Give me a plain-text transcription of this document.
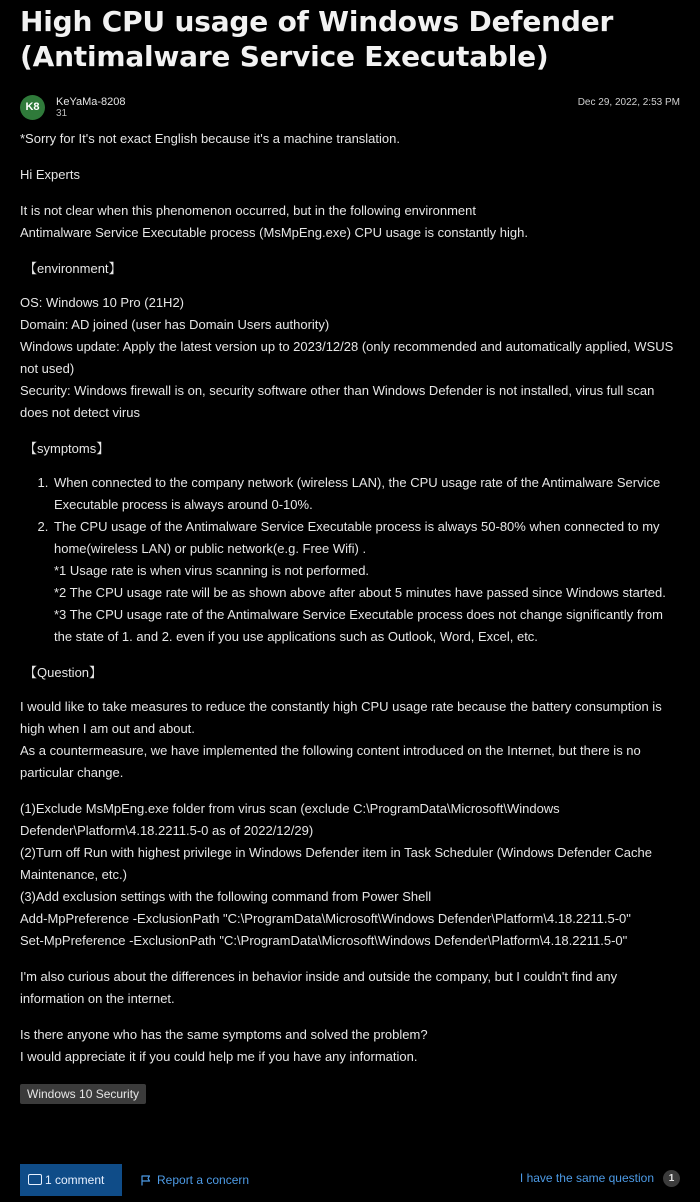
High CPU usage of Windows Defender
(Antimalware Service Executable)
K8	KeYaMa-8208
31
Dec 29, 2022, 2:53 PM

*Sorry for It's not exact English because it's a machine translation.

Hi Experts

It is not clear when this phenomenon occurred, but in the following environment
Antimalware Service Executable process (MsMpEng.exe) CPU usage is constantly high.

【environment】

OS: Windows 10 Pro (21H2)
Domain: AD joined (user has Domain Users authority)
Windows update: Apply the latest version up to 2023/12/28 (only recommended and automatically applied, WSUS not used)
Security: Windows firewall is on, security software other than Windows Defender is not installed, virus full scan does not detect virus

【symptoms】
1. When connected to the company network (wireless LAN), the CPU usage rate of the Antimalware Service Executable process is always around 0-10%.
2. The CPU usage of the Antimalware Service Executable process is always 50-80% when connected to my home(wireless LAN) or public network(e.g. Free Wifi) .
*1 Usage rate is when virus scanning is not performed.
*2 The CPU usage rate will be as shown above after about 5 minutes have passed since Windows started.
*3 The CPU usage rate of the Antimalware Service Executable process does not change significantly from the state of 1. and 2. even if you use applications such as Outlook, Word, Excel, etc.
【Question】

I would like to take measures to reduce the constantly high CPU usage rate because the battery consumption is high when I am out and about.
As a countermeasure, we have implemented the following content introduced on the Internet, but there is no particular change.

(1)Exclude MsMpEng.exe folder from virus scan (exclude C:\ProgramData\Microsoft\Windows Defender\Platform\4.18.2211.5-0 as of 2022/12/29)
(2)Turn off Run with highest privilege in Windows Defender item in Task Scheduler (Windows Defender Cache Maintenance, etc.)
(3)Add exclusion settings with the following command from Power Shell
Add-MpPreference -ExclusionPath "C:\ProgramData\Microsoft\Windows Defender\Platform\4.18.2211.5-0"
Set-MpPreference -ExclusionPath "C:\ProgramData\Microsoft\Windows Defender\Platform\4.18.2211.5-0"

I'm also curious about the differences in behavior inside and outside the company, but I couldn't find any information on the internet.

Is there anyone who has the same symptoms and solved the problem?
I would appreciate it if you could help me if you have any information.

Windows 10 Security
1 comment	Report a concern	I have the same question	1
